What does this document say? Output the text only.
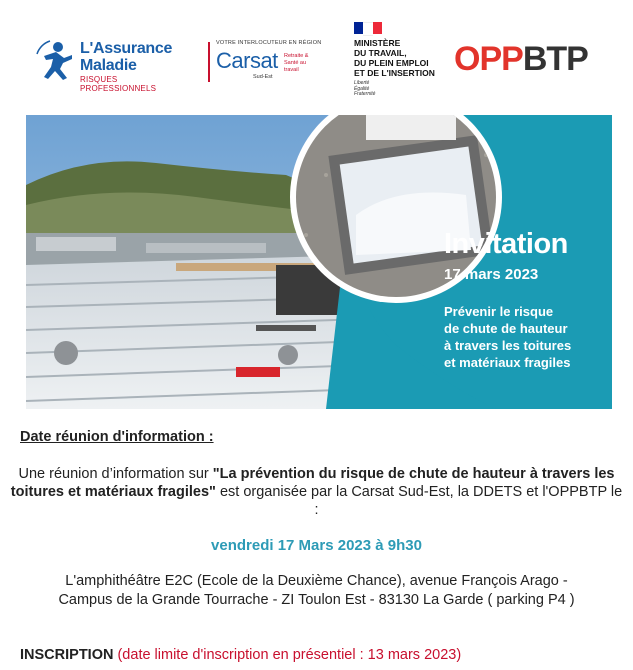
L'Assurance
Maladie
RISQUES PROFESSIONNELS
VOTRE INTERLOCUTEUR EN RÉGION
Carsat Retraite & Santé au travail
Sud-Est
MINISTÈRE
DU TRAVAIL,
DU PLEIN EMPLOI
ET DE L'INSERTION
Liberté
Égalité
Fraternité
OPPBTP
Invitation
17 mars 2023
Prévenir le risque
de chute de hauteur
à travers les toitures
et matériaux fragiles
Date réunion d'information :
Une réunion d’information sur "La prévention du risque de chute de hauteur à travers les toitures et matériaux fragiles" est organisée par la Carsat Sud-Est, la DDETS et l'OPPBTP le :
vendredi 17 Mars 2023 à 9h30
L'amphithéâtre E2C (Ecole de la Deuxième Chance), avenue François Arago -
Campus de la Grande Tourrache - ZI Toulon Est - 83130 La Garde ( parking P4 )
INSCRIPTION (date limite d'inscription en présentiel : 13 mars 2023)
